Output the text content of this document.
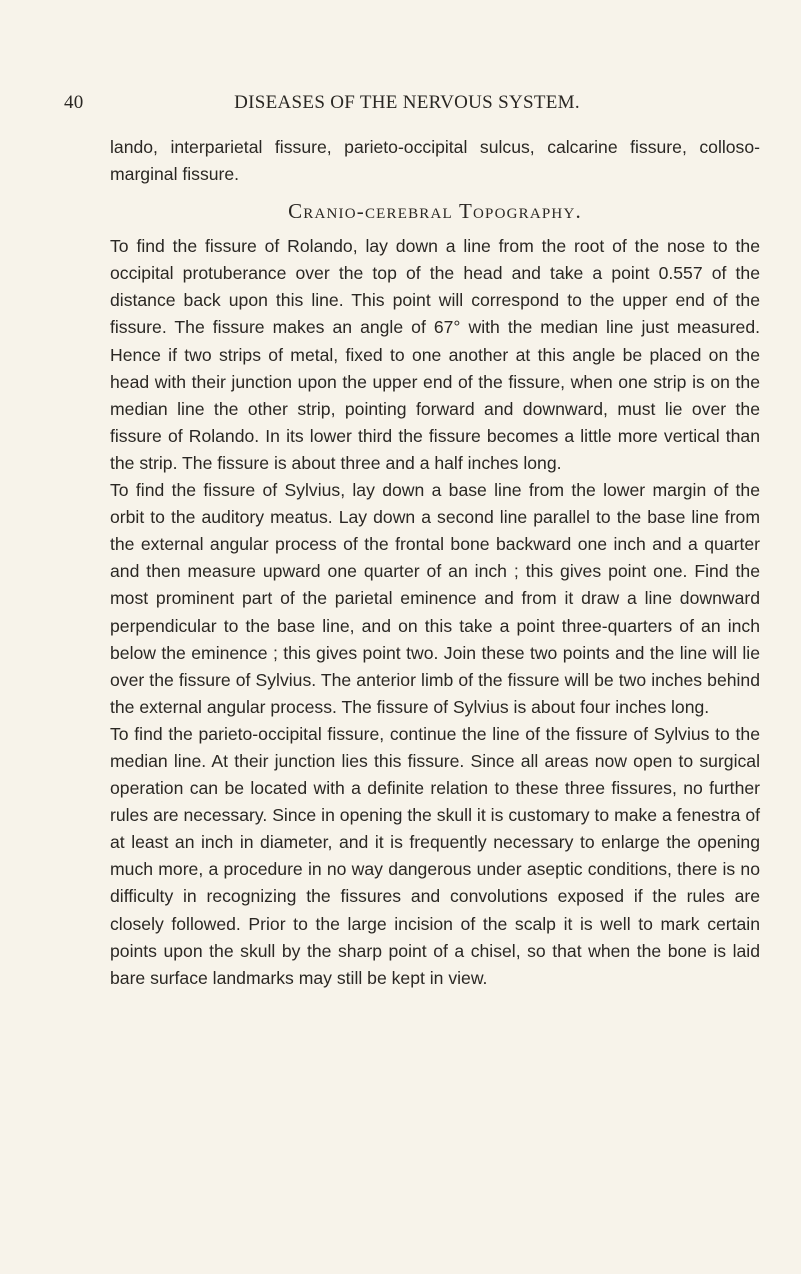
40	DISEASES OF THE NERVOUS SYSTEM.

lando, interparietal fissure, parieto-occipital sulcus, calcarine fissure, colloso-marginal fissure.

Cranio-cerebral Topography.

To find the fissure of Rolando, lay down a line from the root of the nose to the occipital protuberance over the top of the head and take a point 0.557 of the distance back upon this line. This point will correspond to the upper end of the fissure. The fissure makes an angle of 67° with the median line just measured. Hence if two strips of metal, fixed to one another at this angle be placed on the head with their junction upon the upper end of the fissure, when one strip is on the median line the other strip, pointing forward and downward, must lie over the fissure of Rolando. In its lower third the fissure becomes a little more vertical than the strip. The fissure is about three and a half inches long.

To find the fissure of Sylvius, lay down a base line from the lower margin of the orbit to the auditory meatus. Lay down a second line parallel to the base line from the external angular process of the frontal bone backward one inch and a quarter and then measure upward one quarter of an inch ; this gives point one. Find the most prominent part of the parietal eminence and from it draw a line downward perpendicular to the base line, and on this take a point three-quarters of an inch below the eminence ; this gives point two. Join these two points and the line will lie over the fissure of Sylvius. The anterior limb of the fissure will be two inches behind the external angular process. The fissure of Sylvius is about four inches long.

To find the parieto-occipital fissure, continue the line of the fissure of Sylvius to the median line. At their junction lies this fissure. Since all areas now open to surgical operation can be located with a definite relation to these three fissures, no further rules are necessary. Since in opening the skull it is customary to make a fenestra of at least an inch in diameter, and it is frequently necessary to enlarge the opening much more, a procedure in no way dangerous under aseptic conditions, there is no difficulty in recognizing the fissures and convolutions exposed if the rules are closely followed. Prior to the large incision of the scalp it is well to mark certain points upon the skull by the sharp point of a chisel, so that when the bone is laid bare surface landmarks may still be kept in view.
